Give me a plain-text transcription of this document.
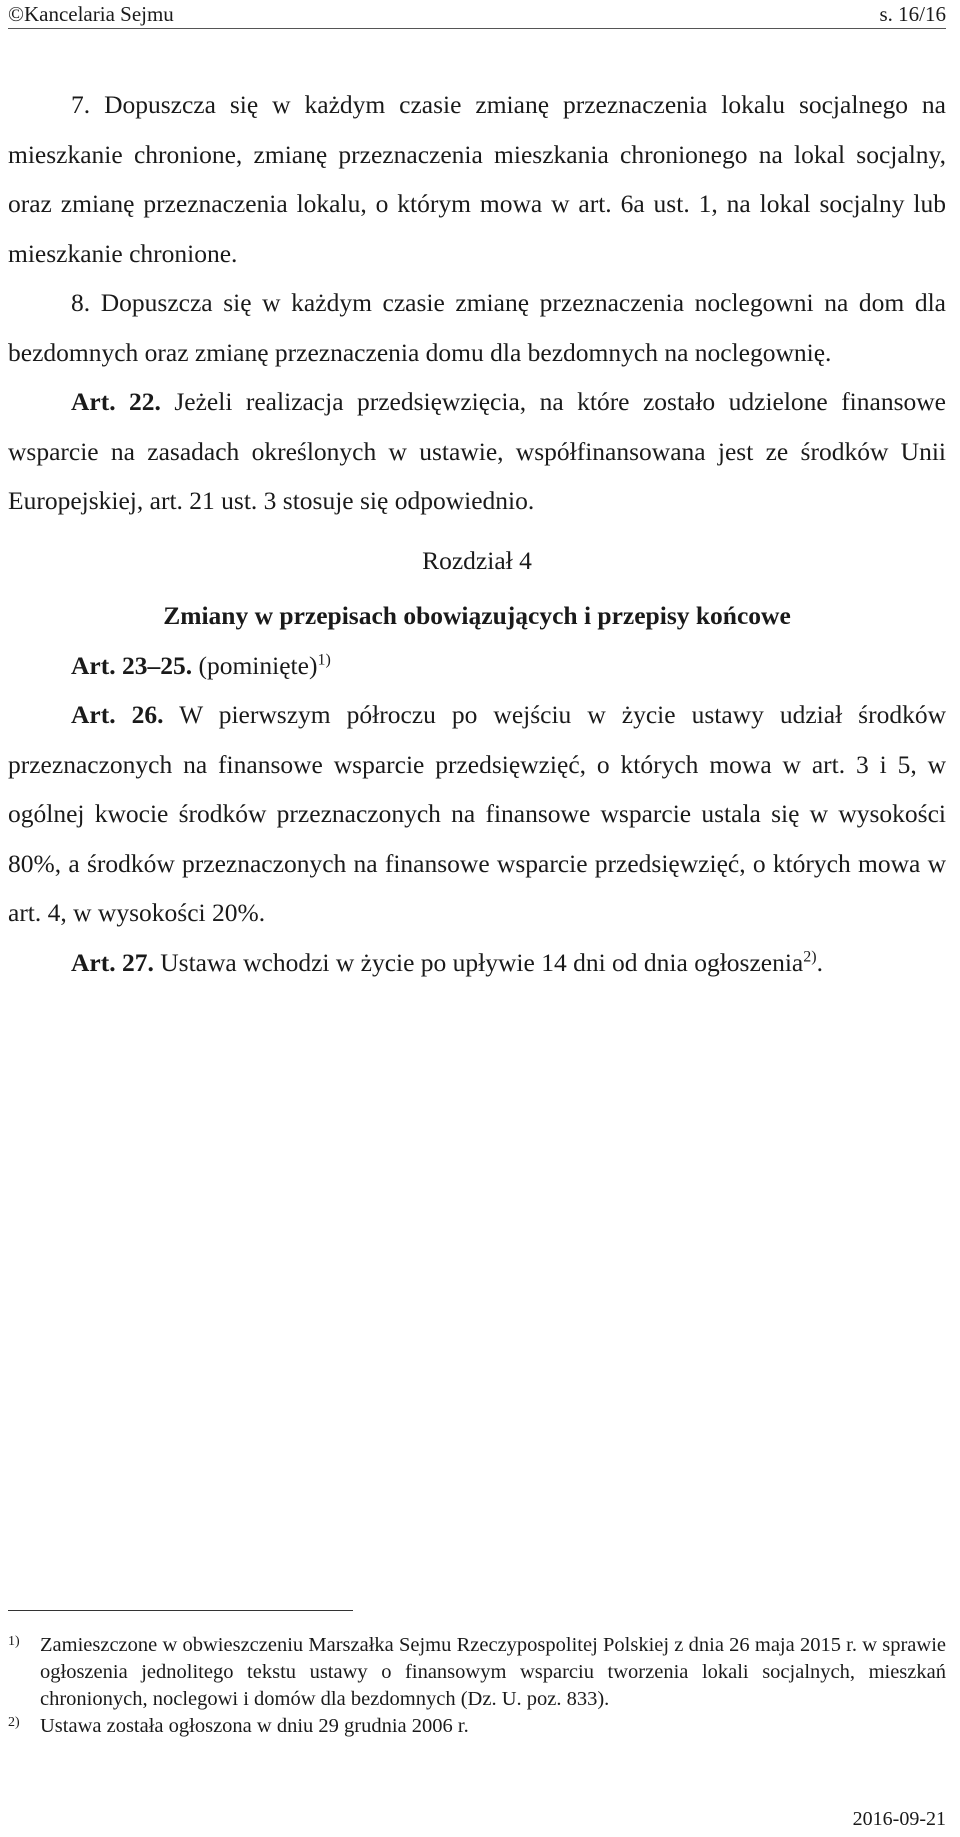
©Kancelaria Sejmu	s. 16/16

7. Dopuszcza się w każdym czasie zmianę przeznaczenia lokalu socjalnego na mieszkanie chronione, zmianę przeznaczenia mieszkania chronionego na lokal socjalny, oraz zmianę przeznaczenia lokalu, o którym mowa w art. 6a ust. 1, na lokal socjalny lub mieszkanie chronione.

8. Dopuszcza się w każdym czasie zmianę przeznaczenia noclegowni na dom dla bezdomnych oraz zmianę przeznaczenia domu dla bezdomnych na noclegownię.

Art. 22. Jeżeli realizacja przedsięwzięcia, na które zostało udzielone finansowe wsparcie na zasadach określonych w ustawie, współfinansowana jest ze środków Unii Europejskiej, art. 21 ust. 3 stosuje się odpowiednio.

Rozdział 4
Zmiany w przepisach obowiązujących i przepisy końcowe

Art. 23–25. (pominięte)$^{1)}$

Art. 26. W pierwszym półroczu po wejściu w życie ustawy udział środków przeznaczonych na finansowe wsparcie przedsięwzięć, o których mowa w art. 3 i 5, w ogólnej kwocie środków przeznaczonych na finansowe wsparcie ustala się w wysokości 80%, a środków przeznaczonych na finansowe wsparcie przedsięwzięć, o których mowa w art. 4, w wysokości 20%.

Art. 27. Ustawa wchodzi w życie po upływie 14 dni od dnia ogłoszenia$^{2)}$.

1) Zamieszczone w obwieszczeniu Marszałka Sejmu Rzeczypospolitej Polskiej z dnia 26 maja 2015 r. w sprawie ogłoszenia jednolitego tekstu ustawy o finansowym wsparciu tworzenia lokali socjalnych, mieszkań chronionych, noclegowi i domów dla bezdomnych (Dz. U. poz. 833).
2) Ustawa została ogłoszona w dniu 29 grudnia 2006 r.
2016-09-21
